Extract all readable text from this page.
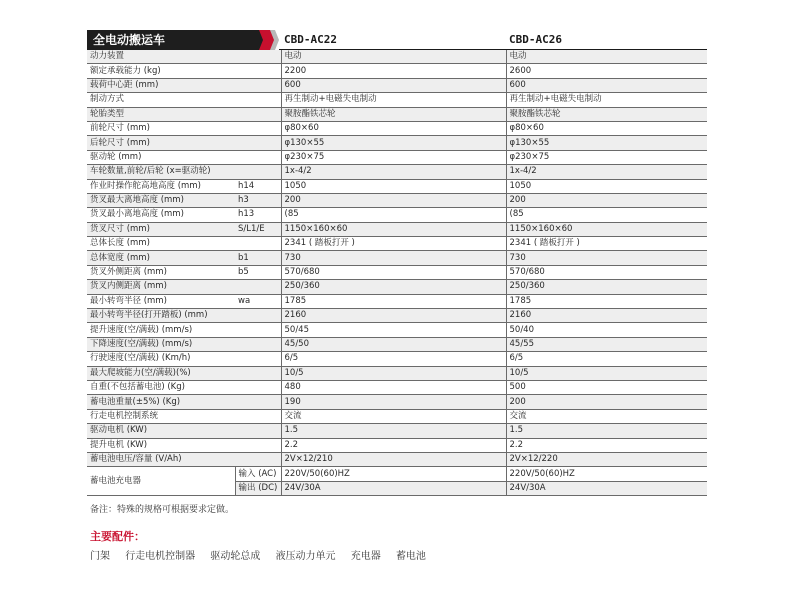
全电动搬运车	CBD-AC22	CBD-AC26
动力装置		电动	电动
额定承载能力 (kg)		2200	2600
载荷中心距 (mm)		600	600
制动方式		再生制动+电磁失电制动	再生制动+电磁失电制动
轮胎类型		聚胺酯铁芯轮	聚胺酯铁芯轮
前轮尺寸 (mm)		φ80×60	φ80×60
后轮尺寸 (mm)		φ130×55	φ130×55
驱动轮 (mm)		φ230×75	φ230×75
车轮数量,前轮/后轮 (x=驱动轮)		1x-4/2	1x-4/2
作业时操作舵高地高度 (mm)	h14	1050	1050
货叉最大离地高度 (mm)	h3	200	200
货叉最小离地高度 (mm)	h13	(85	(85
货叉尺寸 (mm)	S/L1/E	1150×160×60	1150×160×60
总体长度 (mm)		2341 ( 踏板打开 )	2341 ( 踏板打开 )
总体宽度 (mm)	b1	730	730
货叉外侧距离 (mm)	b5	570/680	570/680
货叉内侧距离 (mm)		250/360	250/360
最小转弯半径 (mm)	wa	1785	1785
最小转弯半径(打开踏板) (mm)		2160	2160
提升速度(空/满载) (mm/s)		50/45	50/40
下降速度(空/满载) (mm/s)		45/50	45/55
行驶速度(空/满载) (Km/h)		6/5	6/5
最大爬坡能力(空/满载)(%)		10/5	10/5
自重(不包括蓄电池) (Kg)		480	500
蓄电池重量(±5%) (Kg)		190	200
行走电机控制系统		交流	交流
驱动电机 (KW)		1.5	1.5
提升电机 (KW)		2.2	2.2
蓄电池电压/容量 (V/Ah)		2V×12/210	2V×12/220
蓄电池充电器	输入 (AC)	220V/50(60)HZ	220V/50(60)HZ
	输出 (DC)	24V/30A	24V/30A
备注：特殊的规格可根据要求定做。
主要配件：
门架 行走电机控制器 驱动轮总成 液压动力单元 充电器 蓄电池
